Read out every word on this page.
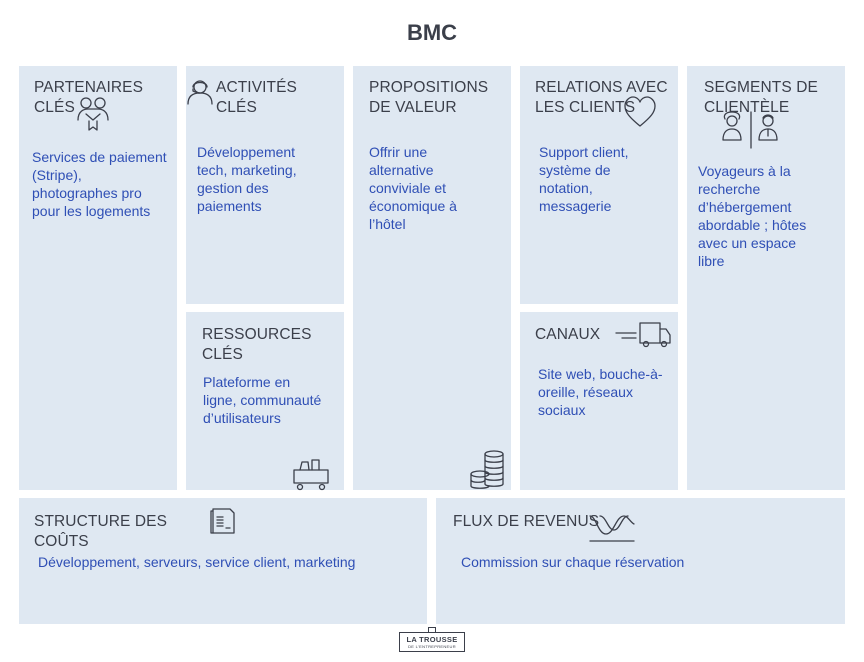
BMC
PARTENAIRES CLÉS
Services de paiement (Stripe), photographes pro pour les logements
ACTIVITÉS CLÉS
Développement tech, marketing, gestion des paiements
RESSOURCES CLÉS
Plateforme en ligne, communauté d’utilisateurs
PROPOSITIONS DE VALEUR
Offrir une alternative conviviale et économique à l’hôtel
RELATIONS AVEC LES CLIENTS
Support client, système de notation, messagerie
CANAUX
Site web, bouche-à-oreille, réseaux sociaux
SEGMENTS DE CLIENTÈLE
Voyageurs à la recherche d’hébergement abordable ; hôtes avec un espace libre
STRUCTURE DES COÛTS
Développement, serveurs, service client, marketing
FLUX DE REVENUS
Commission sur chaque réservation
LA TROUSSE
DE L’ENTREPRENEUR
